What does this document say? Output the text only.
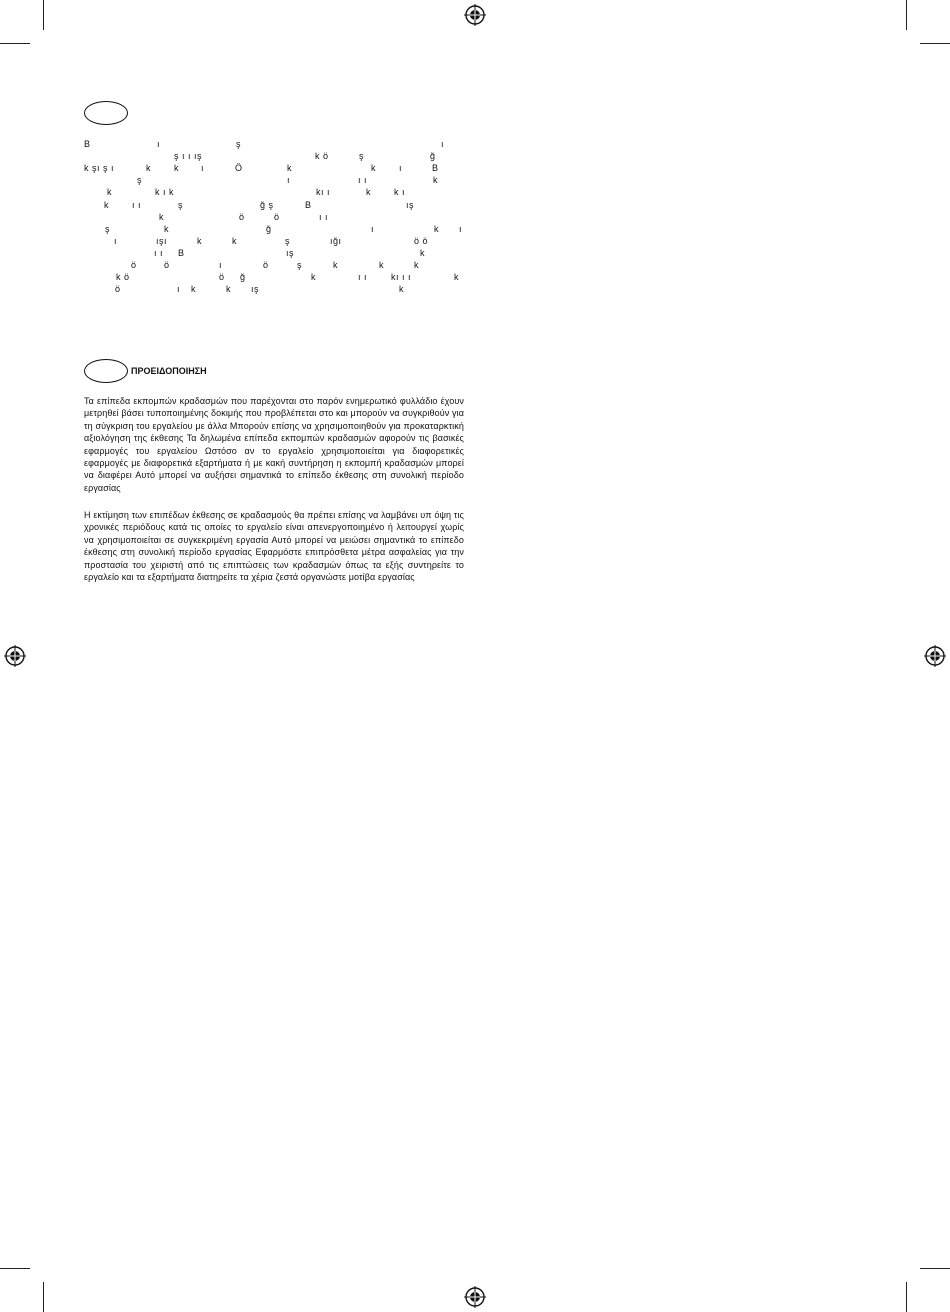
B	ı	ş	ı
ş ı ı ış	k ö	ş	ğ
k şı ş ı	k	k ı	Ö	k	k	ı	B
ş	ı	ı ı	k
k	k ı k	kı ı	k	k ı
k	ı ı	ş	ğ ş	B	ış
k	ö	ö	ı ı
ş	k	ğ	ı	k ı
ı	ışı	k	k	ş	ığı	ö ö
ı ı B	ış	k
ö	ö	ı	ö	ş	k	k	k
k ö	ö ğ	k	ı ı	kı ı ı	k
ö	ı k	k ış	k
ΠΡΟΕΙΔΟΠΟΙΗΣΗ
Τα επίπεδα εκπομπών κραδασμών που παρέχονται στο παρόν ενημερωτικό φυλλάδιο έχουν μετρηθεί βάσει τυποποιημένης δοκιμής που προβλέπεται στο και μπορούν να συγκριθούν για τη σύγκριση του εργαλείου με άλλα Μπορούν επίσης να χρησιμοποιηθούν για προκαταρκτική αξιολόγηση της έκθεσης Τα δηλωμένα επίπεδα εκπομπών κραδασμών αφορούν τις βασικές εφαρμογές του εργαλείου Ωστόσο αν το εργαλείο χρησιμοποιείται για διαφορετικές εφαρμογές με διαφορετικά εξαρτήματα ή με κακή συντήρηση η εκπομπή κραδασμών μπορεί να διαφέρει Αυτό μπορεί να αυξήσει σημαντικά το επίπεδο έκθεσης στη συνολική περίοδο εργασίας
Η εκτίμηση των επιπέδων έκθεσης σε κραδασμούς θα πρέπει επίσης να λαμβάνει υπ όψη τις χρονικές περιόδους κατά τις οποίες το εργαλείο είναι απενεργοποιημένο ή λειτουργεί χωρίς να χρησιμοποιείται σε συγκεκριμένη εργασία Αυτό μπορεί να μειώσει σημαντικά το επίπεδο έκθεσης στη συνολική περίοδο εργασίας Εφαρμόστε επιπρόσθετα μέτρα ασφαλείας για την προστασία του χειριστή από τις επιπτώσεις των κραδασμών όπως τα εξής συντηρείτε το εργαλείο και τα εξαρτήματα διατηρείτε τα χέρια ζεστά οργανώστε μοτίβα εργασίας
